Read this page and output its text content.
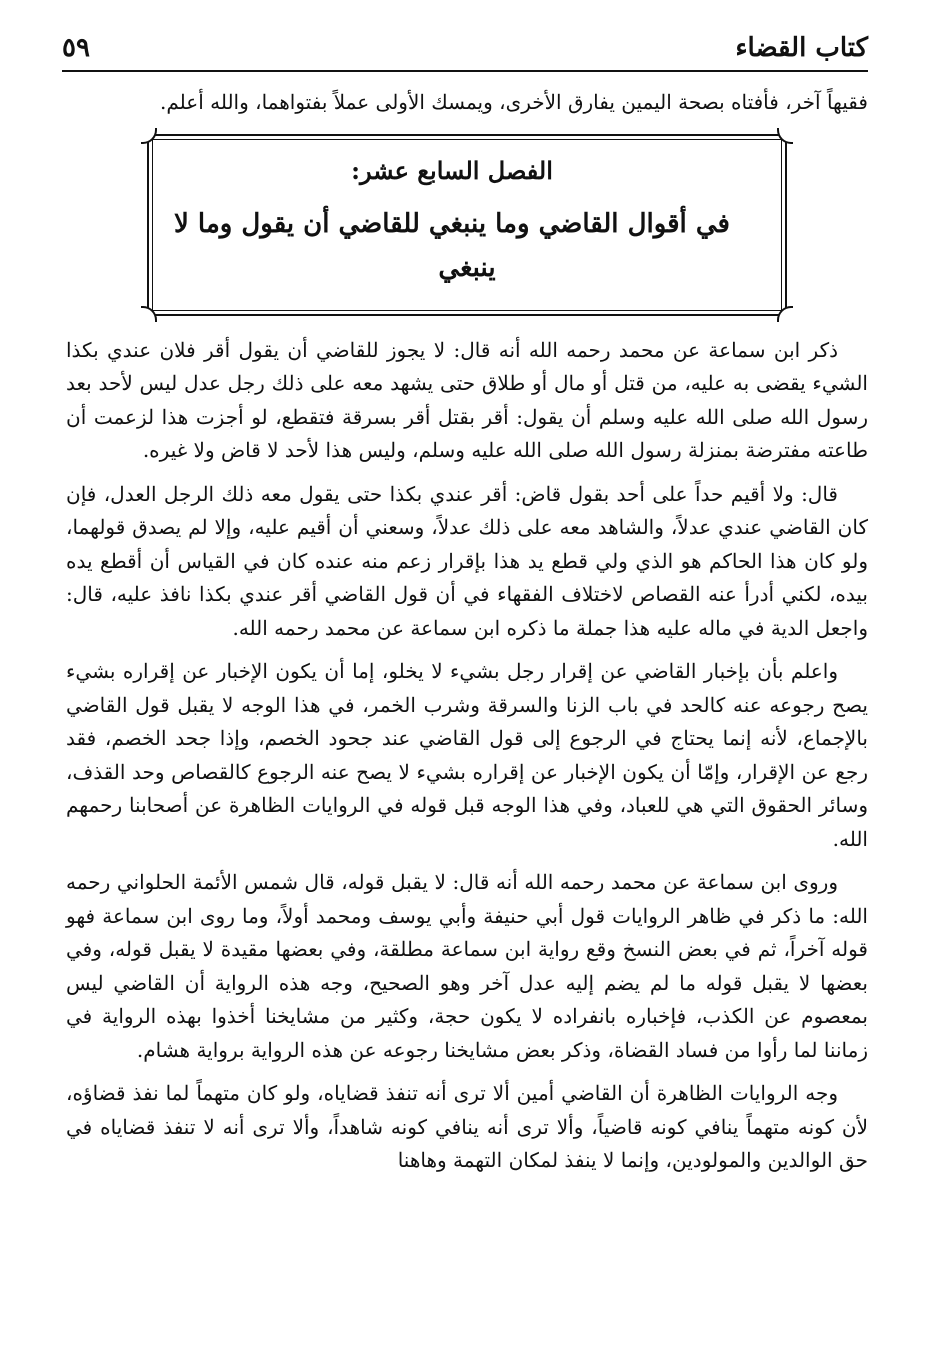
٥٩	كتاب القضاء

فقيهاً آخر، فأفتاه بصحة اليمين يفارق الأخرى، ويمسك الأولى عملاً بفتواهما، والله أعلم.

الفصل السابع عشر:

في أقوال القاضي وما ينبغي للقاضي أن يقول وما لا ينبغي

ذكر ابن سماعة عن محمد رحمه الله أنه قال: لا يجوز للقاضي أن يقول أقر فلان عندي بكذا الشيء يقضى به عليه، من قتل أو مال أو طلاق حتى يشهد معه على ذلك رجل عدل ليس لأحد بعد رسول الله صلى الله عليه وسلم أن يقول: أقر بقتل أقر بسرقة فتقطع، لو أجزت هذا لزعمت أن طاعته مفترضة بمنزلة رسول الله صلى الله عليه وسلم، وليس هذا لأحد لا قاض ولا غيره.

قال: ولا أقيم حداً على أحد بقول قاض: أقر عندي بكذا حتى يقول معه ذلك الرجل العدل، فإن كان القاضي عندي عدلاً، والشاهد معه على ذلك عدلاً، وسعني أن أقيم عليه، وإلا لم يصدق قولهما، ولو كان هذا الحاكم هو الذي ولي قطع يد هذا بإقرار زعم منه عنده كان في القياس أن أقطع يده بيده، لكني أدرأ عنه القصاص لاختلاف الفقهاء في أن قول القاضي أقر عندي بكذا نافذ عليه، قال: واجعل الدية في ماله عليه هذا جملة ما ذكره ابن سماعة عن محمد رحمه الله.

واعلم بأن بإخبار القاضي عن إقرار رجل بشيء لا يخلو، إما أن يكون الإخبار عن إقراره بشيء يصح رجوعه عنه كالحد في باب الزنا والسرقة وشرب الخمر، في هذا الوجه لا يقبل قول القاضي بالإجماع، لأنه إنما يحتاج في الرجوع إلى قول القاضي عند جحود الخصم، وإذا جحد الخصم، فقد رجع عن الإقرار، وإمّا أن يكون الإخبار عن إقراره بشيء لا يصح عنه الرجوع كالقصاص وحد القذف، وسائر الحقوق التي هي للعباد، وفي هذا الوجه قبل قوله في الروايات الظاهرة عن أصحابنا رحمهم الله.

وروى ابن سماعة عن محمد رحمه الله أنه قال: لا يقبل قوله، قال شمس الأئمة الحلواني رحمه الله: ما ذكر في ظاهر الروايات قول أبي حنيفة وأبي يوسف ومحمد أولاً، وما روى ابن سماعة فهو قوله آخراً، ثم في بعض النسخ وقع رواية ابن سماعة مطلقة، وفي بعضها مقيدة لا يقبل قوله، وفي بعضها لا يقبل قوله ما لم يضم إليه عدل آخر وهو الصحيح، وجه هذه الرواية أن القاضي ليس بمعصوم عن الكذب، فإخباره بانفراده لا يكون حجة، وكثير من مشايخنا أخذوا بهذه الرواية في زماننا لما رأوا من فساد القضاة، وذكر بعض مشايخنا رجوعه عن هذه الرواية برواية هشام.

وجه الروايات الظاهرة أن القاضي أمين ألا ترى أنه تنفذ قضاياه، ولو كان متهماً لما نفذ قضاؤه، لأن كونه متهماً ينافي كونه قاضياً، وألا ترى أنه ينافي كونه شاهداً، وألا ترى أنه لا تنفذ قضاياه في حق الوالدين والمولودين، وإنما لا ينفذ لمكان التهمة وهاهنا
